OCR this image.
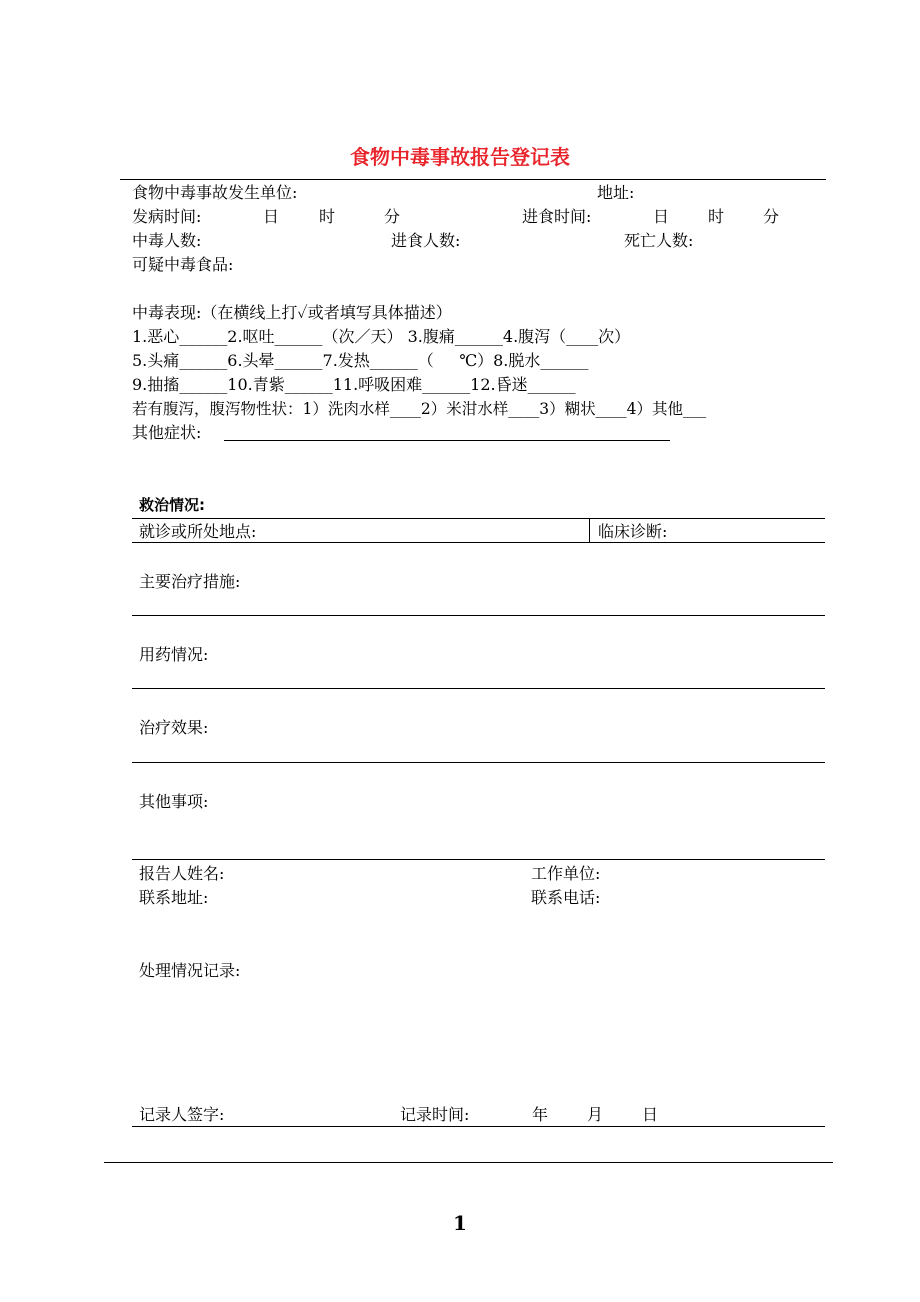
食物中毒事故报告登记表
食物中毒事故发生单位:	地址:
发病时间:	日 时	分	进食时间:	日 时 分
中毒人数:	进食人数:	死亡人数:
可疑中毒食品:
中毒表现:（在横线上打✓或者填写具体描述）
1.恶心______2.呕吐______（次／天） 3.腹痛______4.腹泻（____次）
5.头痛______6.头晕______7.发热______（     ℃）8.脱水______
9.抽搐______10.青紫______11.呼吸困难______12.昏迷______
若有腹泻，腹泻物性状：1）洗肉水样____2）米泔水样____3）糊状____4）其他___
其他症状:
救治情况:
就诊或所处地点:	临床诊断:
主要治疗措施:
用药情况:
治疗效果:
其他事项:
报告人姓名:	工作单位:
联系地址:	联系电话:
处理情况记录:
记录人签字:	记录时间:	年 月 日
1
